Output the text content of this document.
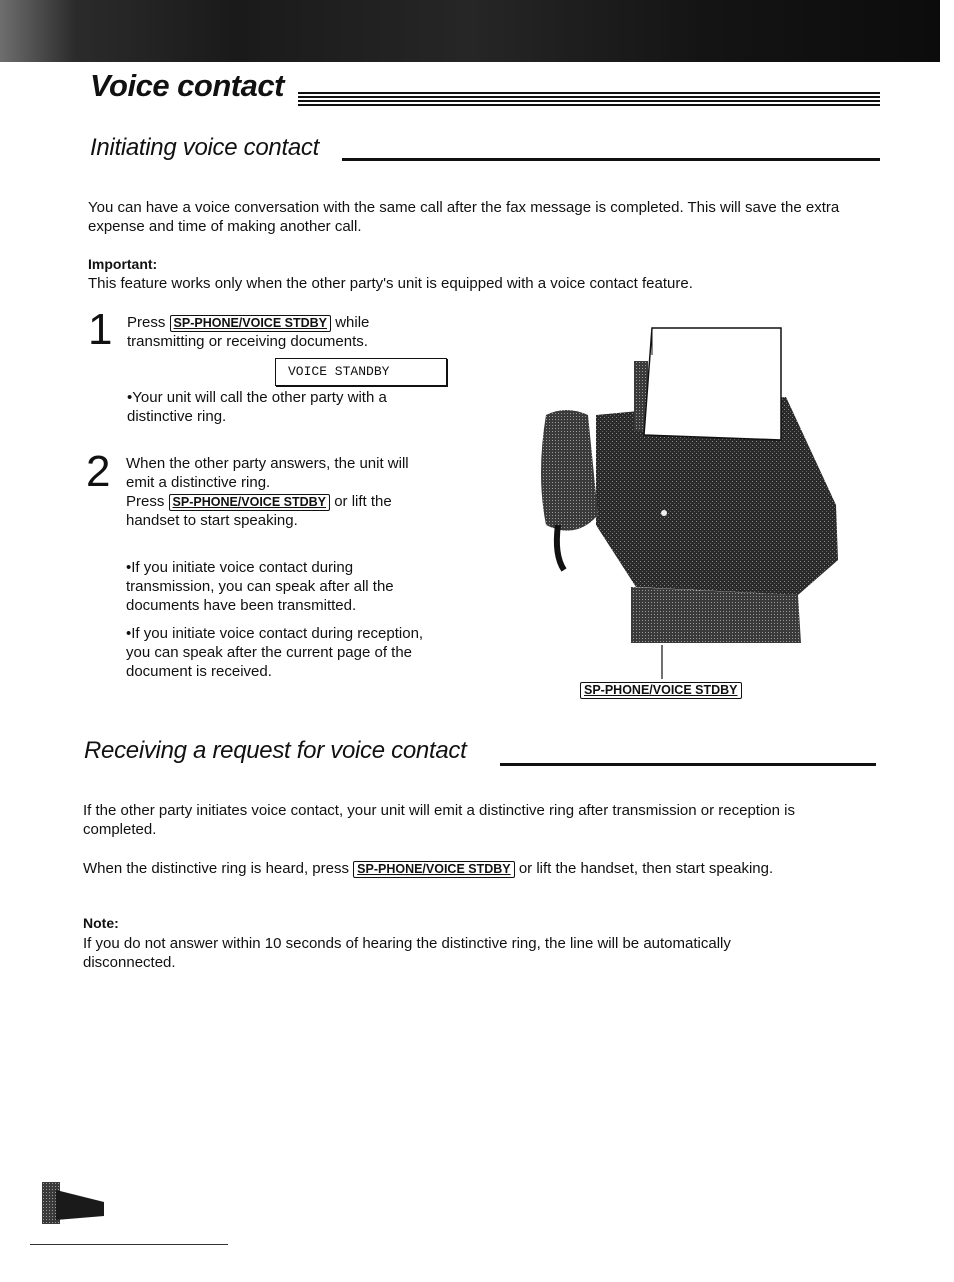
Voice contact
Initiating voice contact
You can have a voice conversation with the same call after the fax message is completed. This will save the extra expense and time of making another call.
Important:
This feature works only when the other party's unit is equipped with a voice contact feature.
1 Press SP-PHONE/VOICE STDBY while
transmitting or receiving documents.
VOICE STANDBY
•Your unit will call the other party with a distinctive ring.
2 When the other party answers, the unit will emit a distinctive ring.
Press SP-PHONE/VOICE STDBY or lift the
handset to start speaking.
•If you initiate voice contact during transmission, you can speak after all the documents have been transmitted.
•If you initiate voice contact during reception, you can speak after the current page of the document is received.
SP-PHONE/VOICE STDBY
Receiving a request for voice contact
If the other party initiates voice contact, your unit will emit a distinctive ring after transmission or reception is completed.
When the distinctive ring is heard, press SP-PHONE/VOICE STDBY or lift the handset, then start speaking.
Note:
If you do not answer within 10 seconds of hearing the distinctive ring, the line will be automatically disconnected.
